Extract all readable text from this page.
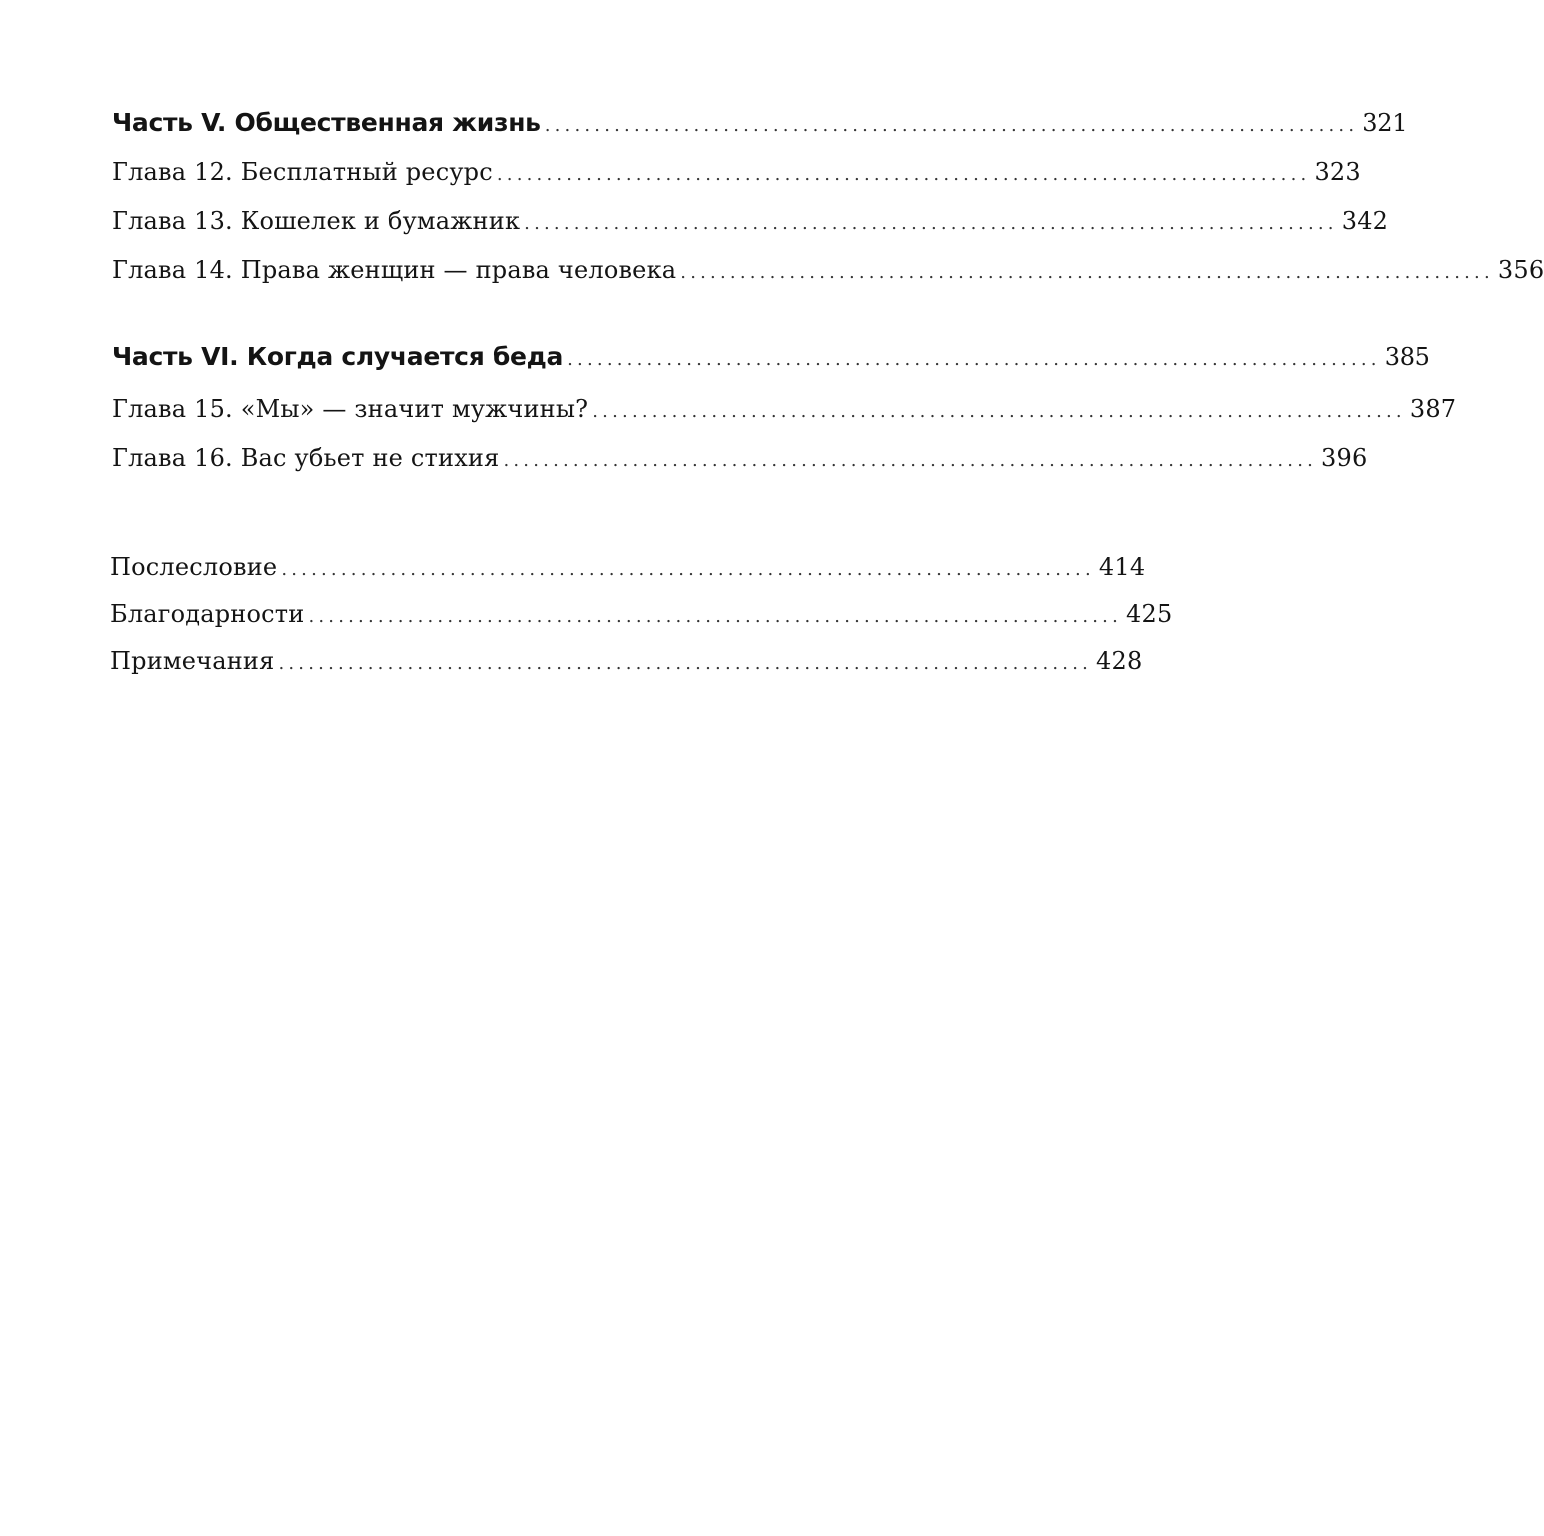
Часть V. Общественная жизнь .................................................................................. 321
Глава 12. Бесплатный ресурс .................................................................................. 323
Глава 13. Кошелек и бумажник .................................................................................. 342
Глава 14. Права женщин — права человека .................................................................................. 356
Часть VI. Когда случается беда .................................................................................. 385
Глава 15. «Мы» — значит мужчины? .................................................................................. 387
Глава 16. Вас убьет не стихия .................................................................................. 396
Послесловие .................................................................................. 414
Благодарности .................................................................................. 425
Примечания .................................................................................. 428
